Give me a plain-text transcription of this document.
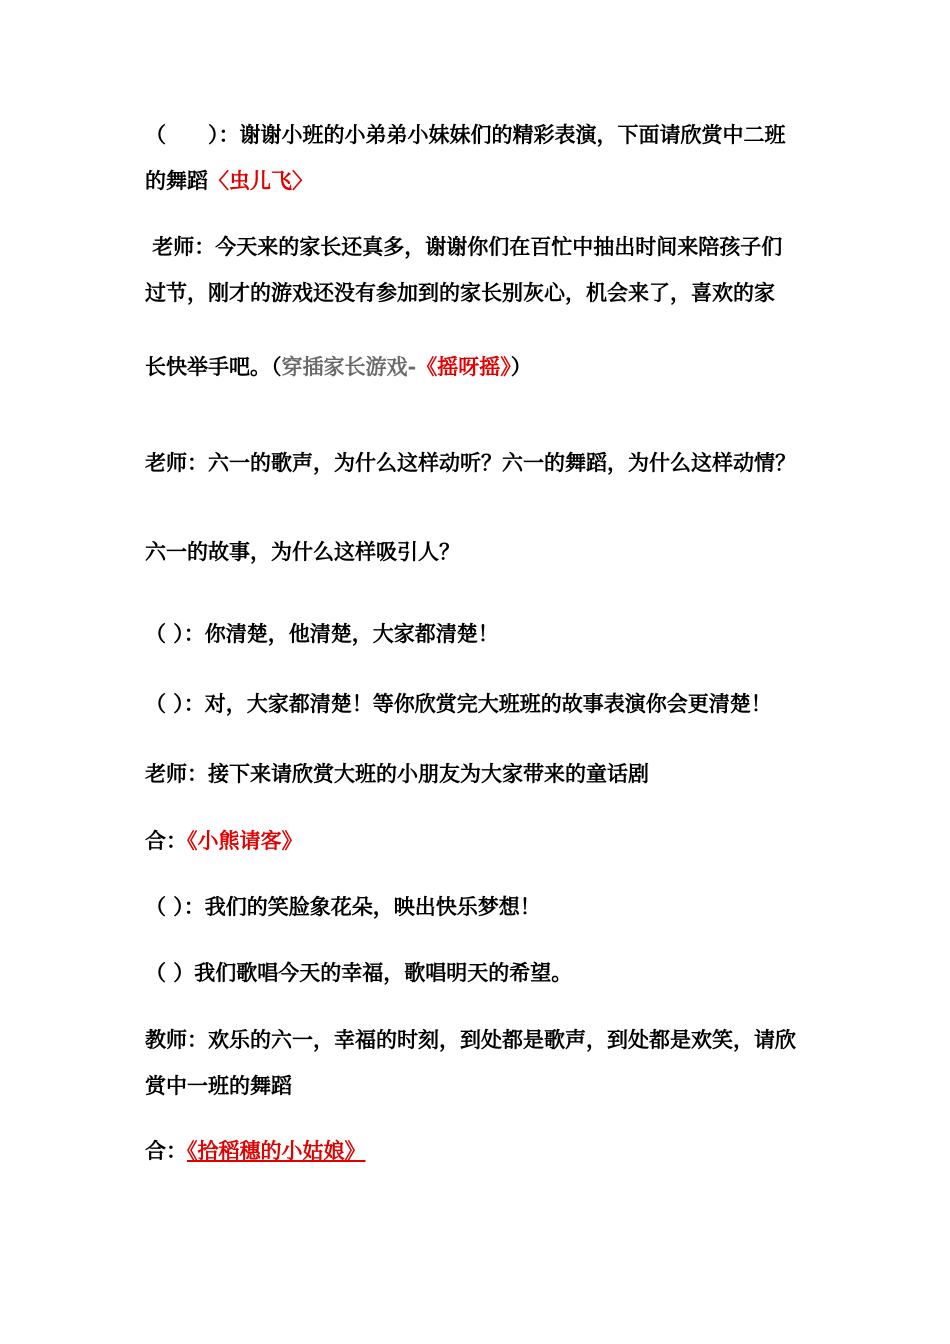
（　　）：谢谢小班的小弟弟小妹妹们的精彩表演，下面请欣赏中二班
的舞蹈〈虫儿飞〉
老师：今天来的家长还真多，谢谢你们在百忙中抽出时间来陪孩子们
过节，刚才的游戏还没有参加到的家长别灰心，机会来了，喜欢的家
长快举手吧。（穿插家长游戏-《摇呀摇》）
老师：六一的歌声，为什么这样动听？六一的舞蹈，为什么这样动情？
六一的故事，为什么这样吸引人？
（ ）：你清楚，他清楚，大家都清楚！
（ ）：对，大家都清楚！等你欣赏完大班班的故事表演你会更清楚！
老师：接下来请欣赏大班的小朋友为大家带来的童话剧
合：《小熊请客》
（ ）：我们的笑脸象花朵，映出快乐梦想！
（ ）我们歌唱今天的幸福，歌唱明天的希望。
教师：欢乐的六一，幸福的时刻，到处都是歌声，到处都是欢笑，请欣
赏中一班的舞蹈
合：《拾稻穗的小姑娘》
